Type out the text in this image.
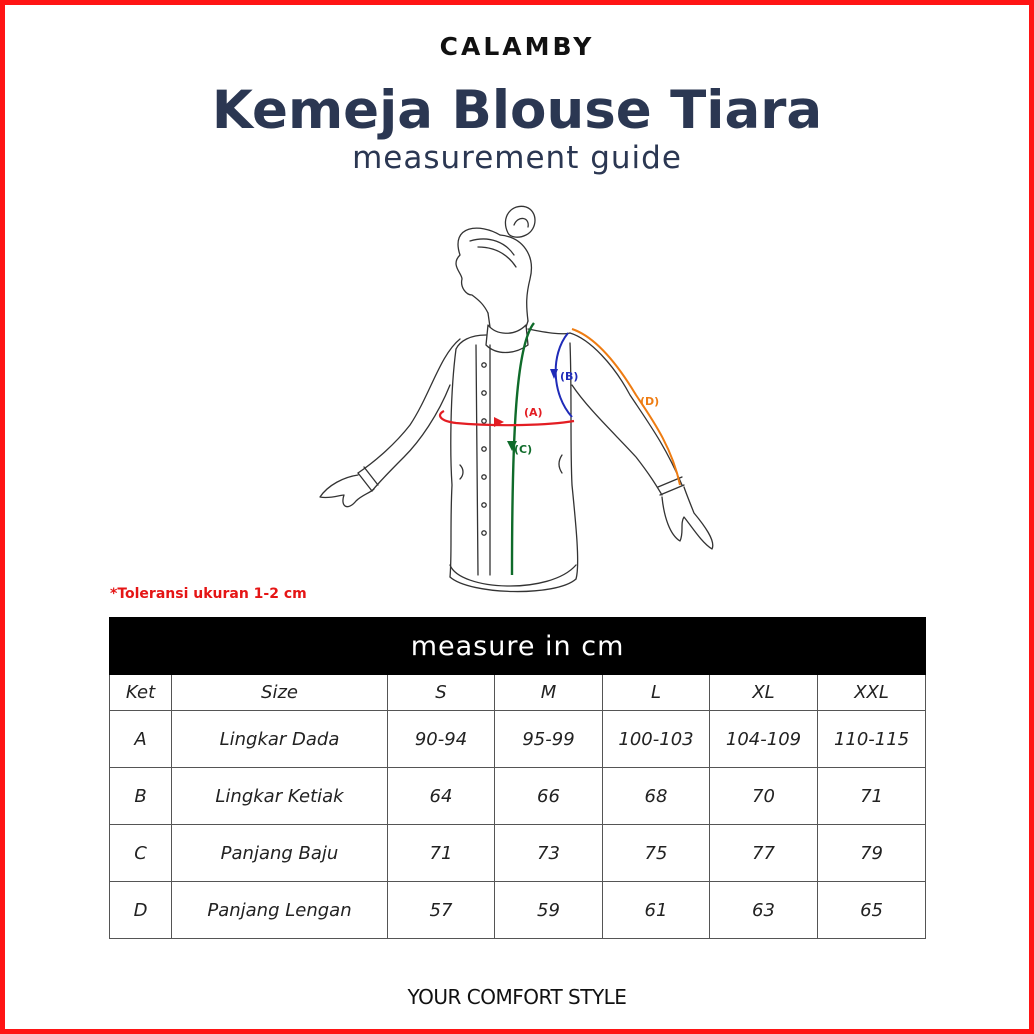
CALAMBY
Kemeja Blouse Tiara
measurement guide
(A)
(B)
(C)
(D)
*Toleransi ukuran 1-2 cm
measure in cm						
Ket	Size	S	M	L	XL	XXL
A	Lingkar Dada	90-94	95-99	100-103	104-109	110-115
B	Lingkar Ketiak	64	66	68	70	71
C	Panjang Baju	71	73	75	77	79
D	Panjang Lengan	57	59	61	63	65
YOUR COMFORT STYLE
